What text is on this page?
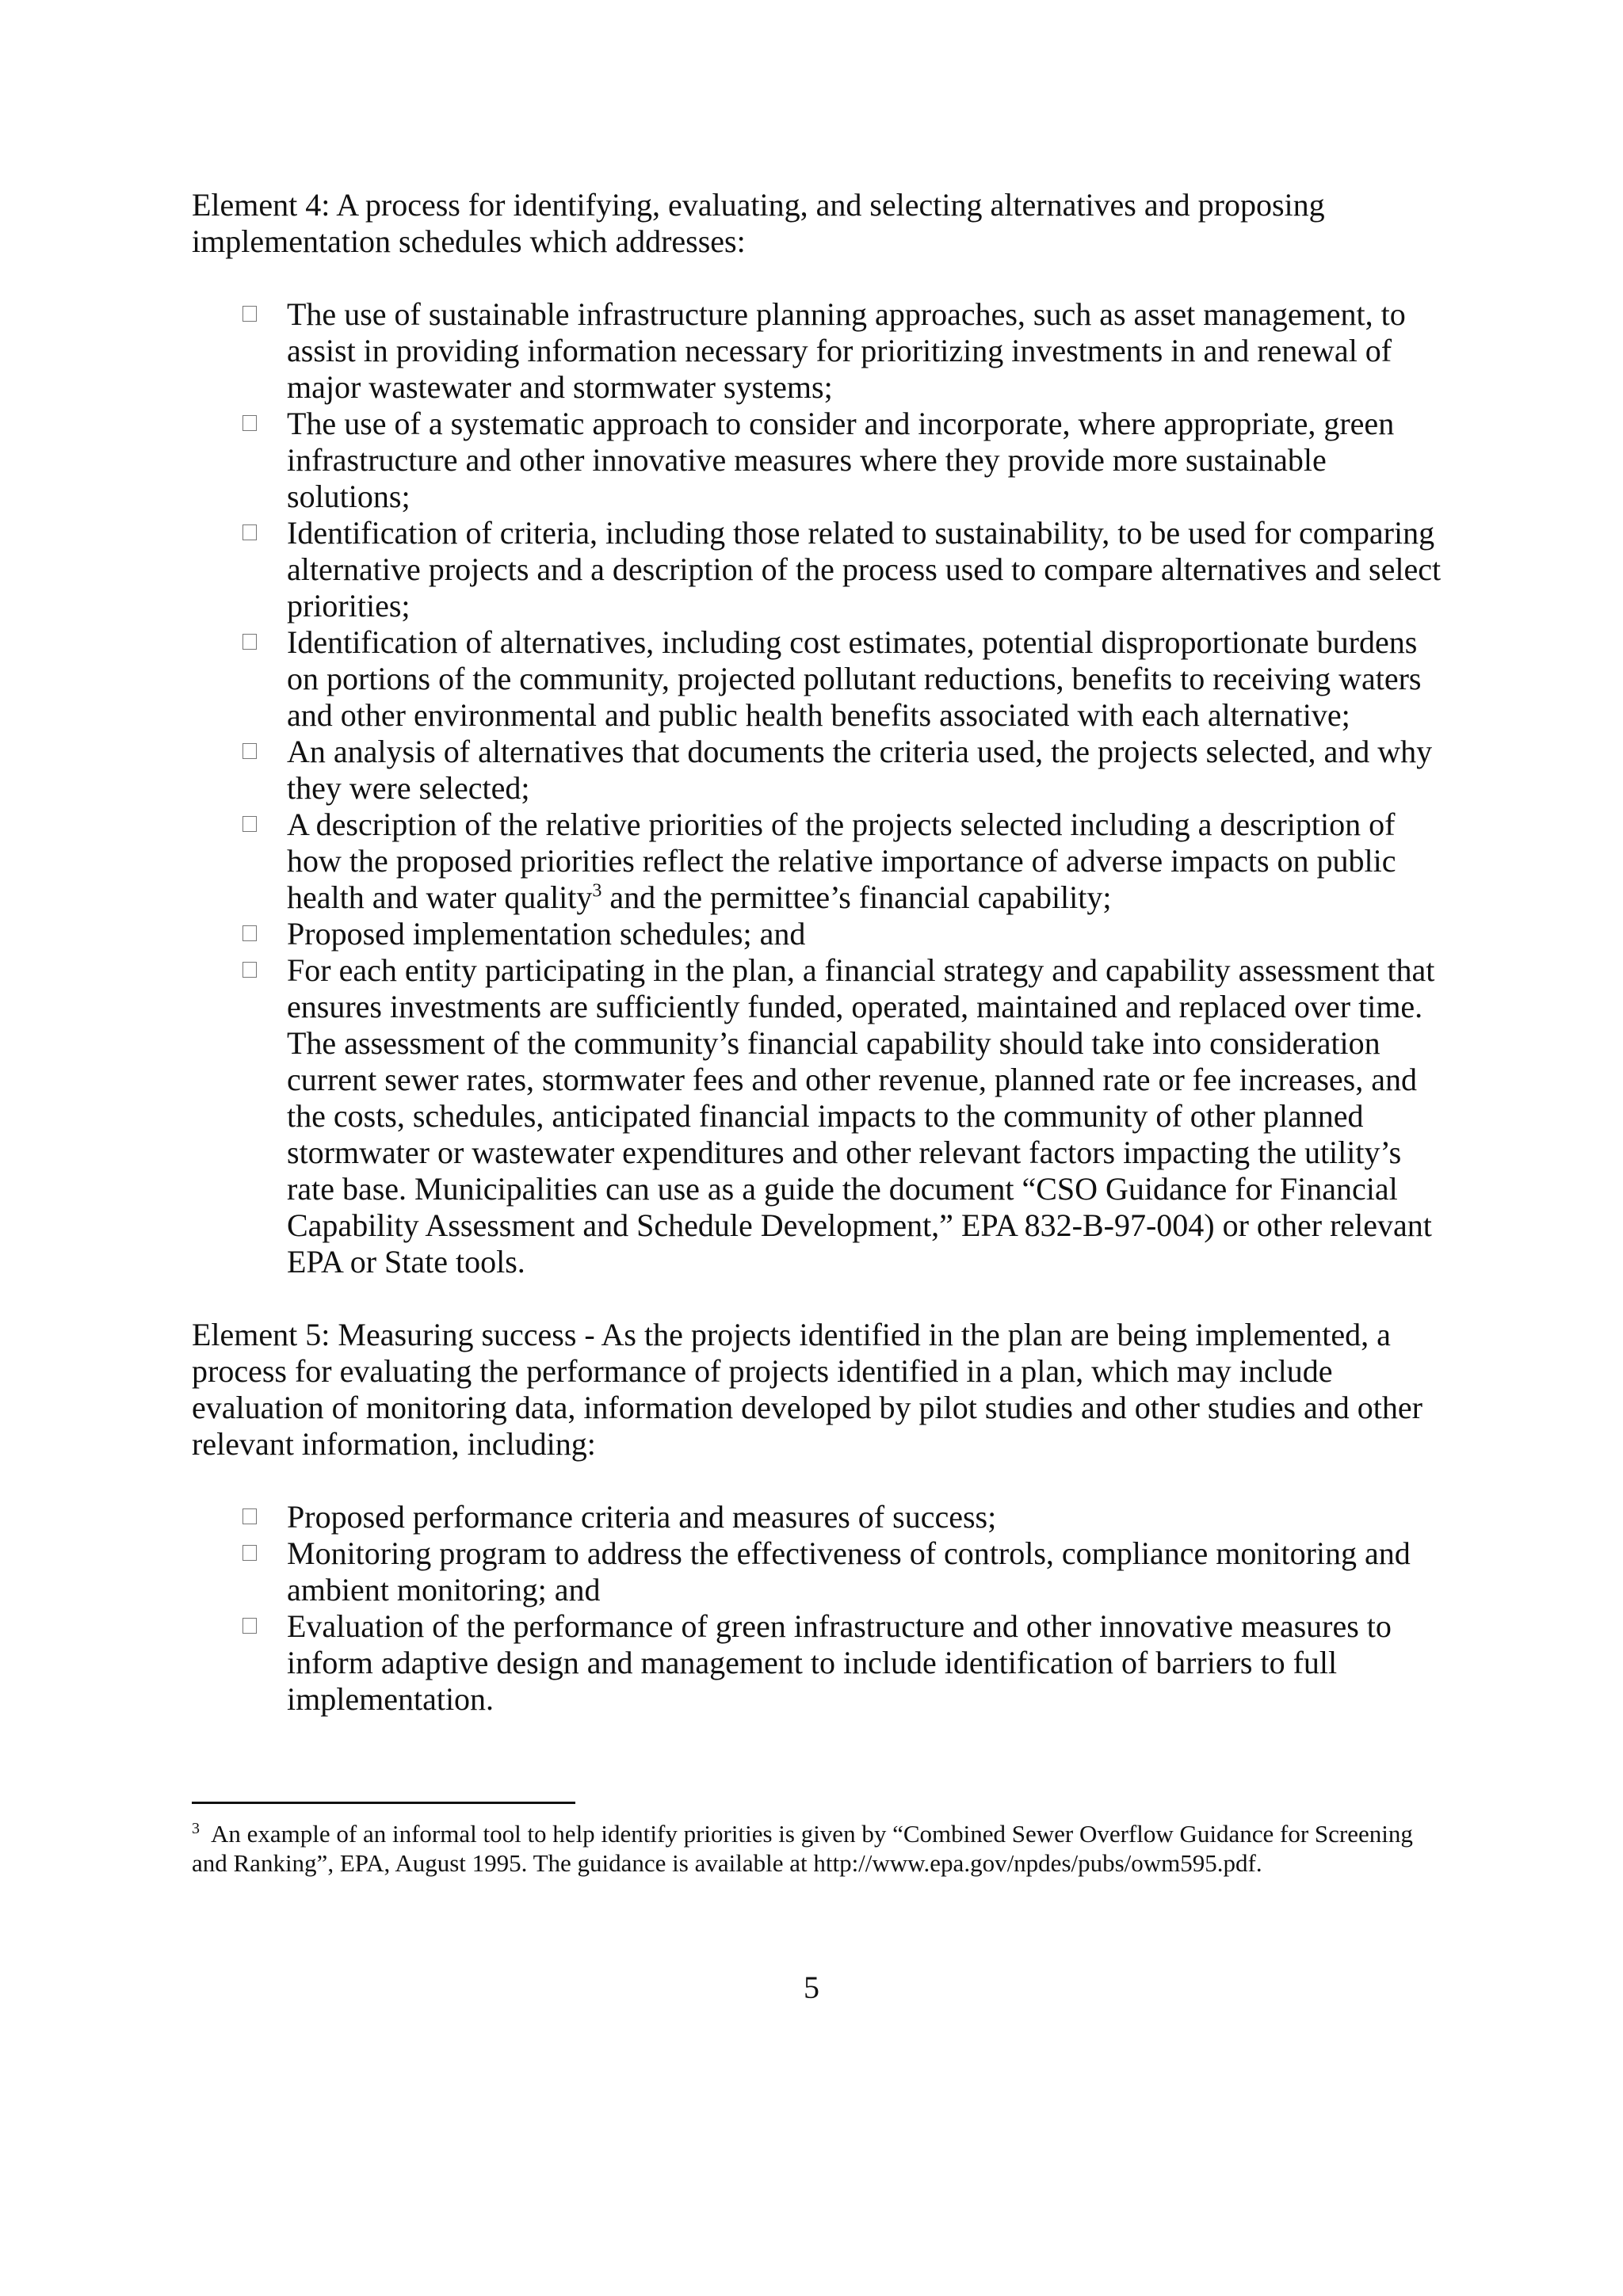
Element 4: A process for identifying, evaluating, and selecting alternatives and proposing implementation schedules which addresses:

The use of sustainable infrastructure planning approaches, such as asset management, to assist in providing information necessary for prioritizing investments in and renewal of major wastewater and stormwater systems;
The use of a systematic approach to consider and incorporate, where appropriate, green infrastructure and other innovative measures where they provide more sustainable solutions;
Identification of criteria, including those related to sustainability, to be used for comparing alternative projects and a description of the process used to compare alternatives and select priorities;
Identification of alternatives, including cost estimates, potential disproportionate burdens on portions of the community, projected pollutant reductions, benefits to receiving waters and other environmental and public health benefits associated with each alternative;
An analysis of alternatives that documents the criteria used, the projects selected, and why they were selected;
A description of the relative priorities of the projects selected including a description of how the proposed priorities reflect the relative importance of adverse impacts on public health and water quality$^3$ and the permittee’s financial capability;
Proposed implementation schedules; and
For each entity participating in the plan, a financial strategy and capability assessment that ensures investments are sufficiently funded, operated, maintained and replaced over time. The assessment of the community’s financial capability should take into consideration current sewer rates, stormwater fees and other revenue, planned rate or fee increases, and the costs, schedules, anticipated financial impacts to the community of other planned stormwater or wastewater expenditures and other relevant factors impacting the utility’s rate base. Municipalities can use as a guide the document “CSO Guidance for Financial Capability Assessment and Schedule Development,” EPA 832-B-97-004) or other relevant EPA or State tools.

Element 5: Measuring success - As the projects identified in the plan are being implemented, a process for evaluating the performance of projects identified in a plan, which may include evaluation of monitoring data, information developed by pilot studies and other studies and other relevant information, including:

Proposed performance criteria and measures of success;
Monitoring program to address the effectiveness of controls, compliance monitoring and ambient monitoring; and
Evaluation of the performance of green infrastructure and other innovative measures to inform adaptive design and management to include identification of barriers to full implementation.
$^3$ An example of an informal tool to help identify priorities is given by “Combined Sewer Overflow Guidance for Screening and Ranking”, EPA, August 1995. The guidance is available at http://www.epa.gov/npdes/pubs/owm595.pdf.
5
